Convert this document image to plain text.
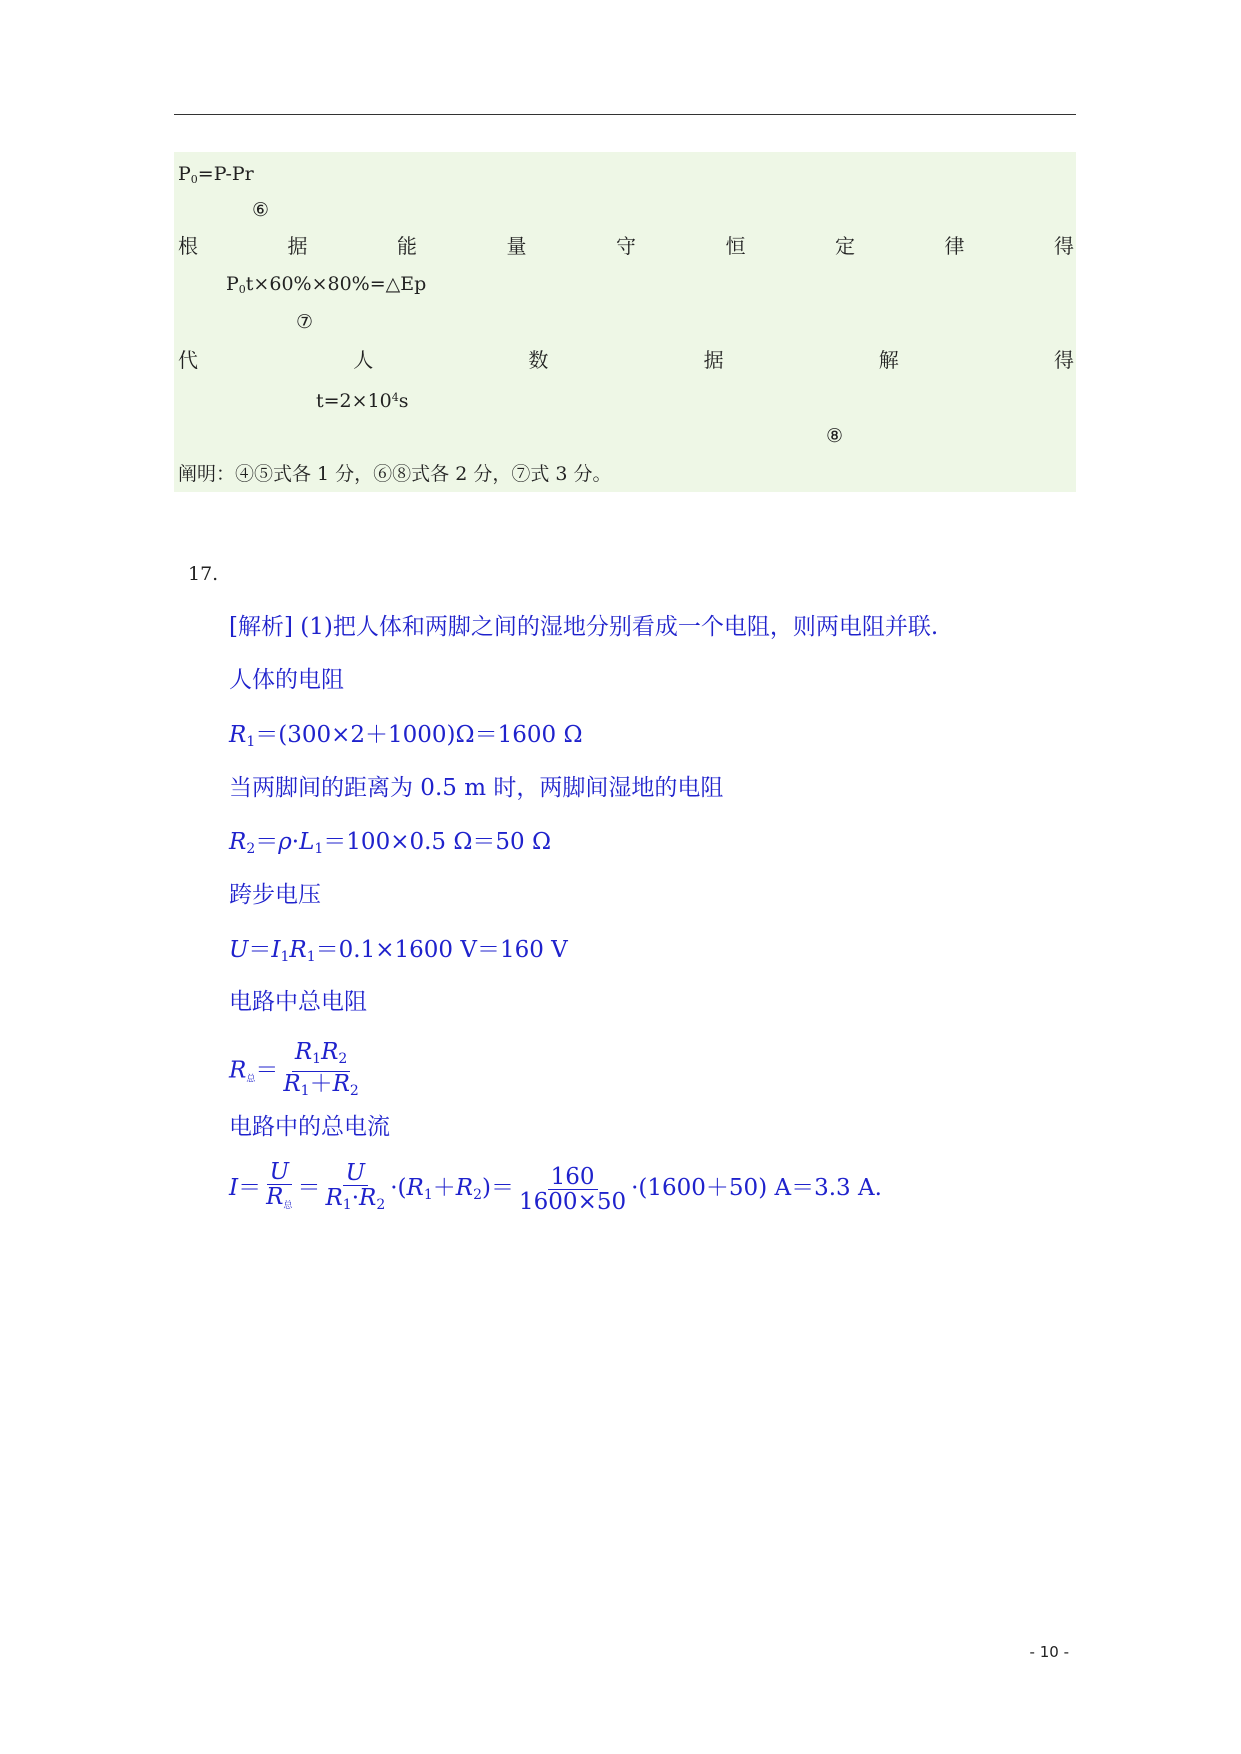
$P_0=P-Pr$
⑥
根	据	能	量	守	恒	定	律	得
$P_0t\times 60\%\times 80\%=\triangle Ep$
⑦
代	人	数	据	解	得
$t=2\times 10^4s$
⑧
阐明：④⑤式各 1 分，⑥⑧式各 2 分，⑦式 3 分。
17.
[解析] (1)把人体和两脚之间的湿地分别看成一个电阻，则两电阻并联.
人体的电阻
R1＝(300×2＋1000)Ω＝1600 Ω
当两脚间的距离为 0.5 m 时，两脚间湿地的电阻
R2＝ρ·L1＝100×0.5 Ω＝50 Ω
跨步电压
U＝I1R1＝0.1×1600 V＝160 V
电路中总电阻
R总＝ $\frac{R1R2}{R1+R2}$
电路中的总电流
$I= \frac{U}{\text{R总}} = \frac{U}{R1\cdot R2} \cdot(R1+R2)= \frac{160}{1600\times 50} \cdot(1600+50)$ A＝3.3 A.
- 10 -
